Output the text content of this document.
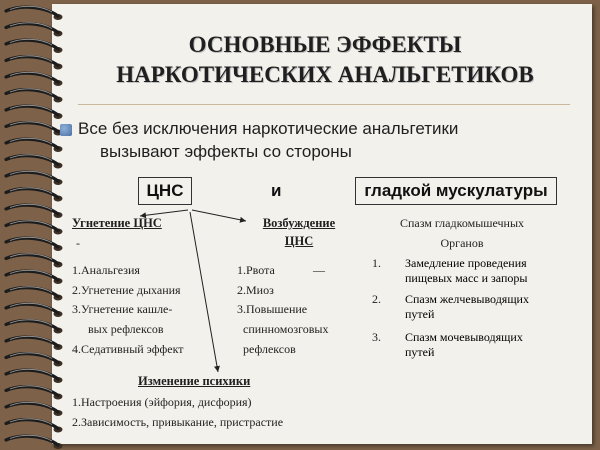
ОСНОВНЫЕ ЭФФЕКТЫ
НАРКОТИЧЕСКИХ АНАЛЬГЕТИКОВ
Все без исключения наркотические анальгетики
вызывают эффекты со стороны
ЦНС	и	гладкой мускулатуры
Угнетение ЦНС
-
1.Анальгезия
2.Угнетение дыхания
3.Угнетение кашле-
вых рефлексов
4.Седативный эффект
Возбуждение
ЦНС
1.Рвота	—
2.Миоз
3.Повышение
спинномозговых
рефлексов
Изменение психики
1.Настроения (эйфория, дисфория)
2.Зависимость, привыкание, пристрастие
Спазм гладкомышечных
Органов
1. Замедление проведения
пищевых масс и запоры
2. Спазм желчевыводящих
путей
3. Спазм мочевыводящих
путей
